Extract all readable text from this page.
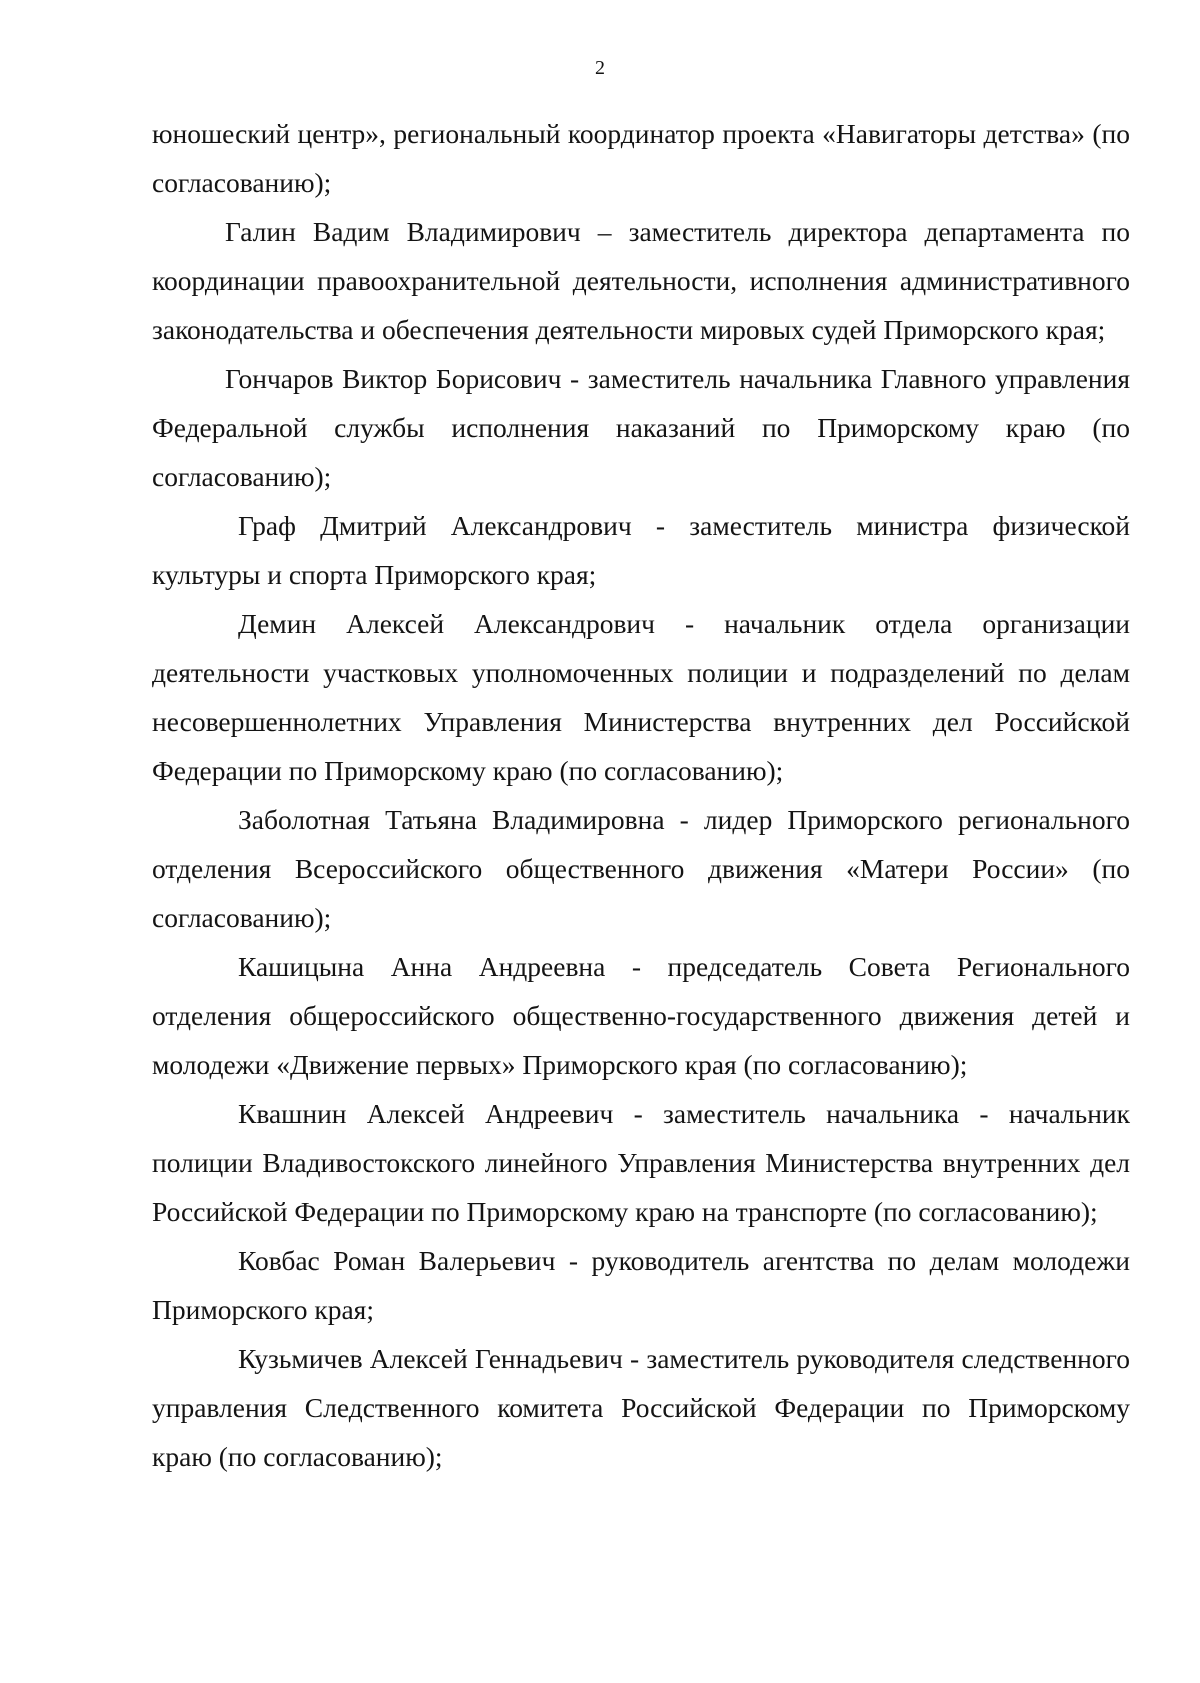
2

юношеский центр», региональный координатор проекта «Навигаторы детства» (по согласованию);

Галин Вадим Владимирович – заместитель директора департамента по координации правоохранительной деятельности, исполнения административного законодательства и обеспечения деятельности мировых судей Приморского края;

Гончаров Виктор Борисович - заместитель начальника Главного управления Федеральной службы исполнения наказаний по Приморскому краю (по согласованию);

Граф Дмитрий Александрович - заместитель министра физической культуры и спорта Приморского края;

Демин Алексей Александрович - начальник отдела организации деятельности участковых уполномоченных полиции и подразделений по делам несовершеннолетних Управления Министерства внутренних дел Российской Федерации по Приморскому краю (по согласованию);

Заболотная Татьяна Владимировна - лидер Приморского регионального отделения Всероссийского общественного движения «Матери России» (по согласованию);

Кашицына Анна Андреевна - председатель Совета Регионального отделения общероссийского общественно-государственного движения детей и молодежи «Движение первых» Приморского края (по согласованию);

Квашнин Алексей Андреевич - заместитель начальника - начальник полиции Владивостокского линейного Управления Министерства внутренних дел Российской Федерации по Приморскому краю на транспорте (по согласованию);

Ковбас Роман Валерьевич - руководитель агентства по делам молодежи Приморского края;

Кузьмичев Алексей Геннадьевич - заместитель руководителя следственного управления Следственного комитета Российской Федерации по Приморскому краю (по согласованию);
